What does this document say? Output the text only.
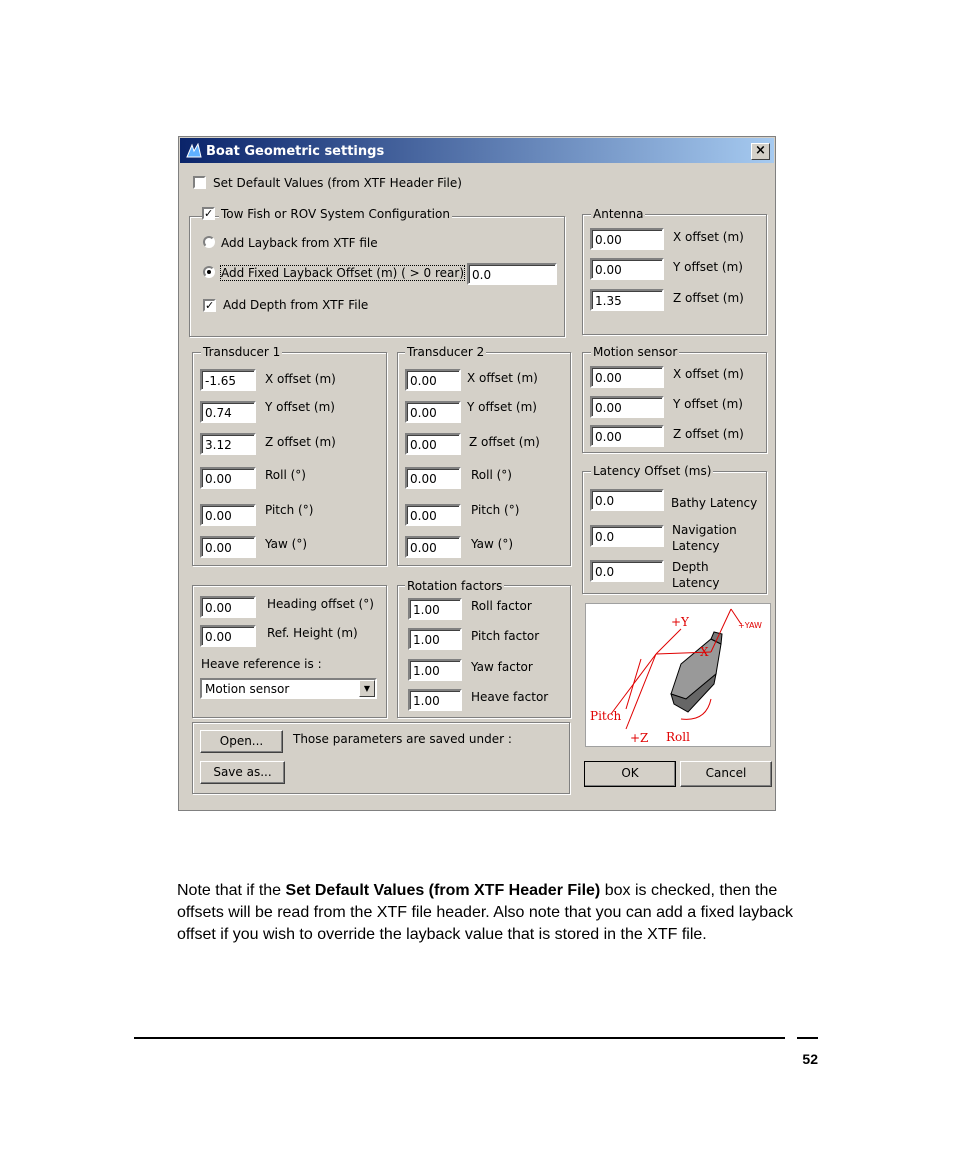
Boat Geometric settings	×
Set Default Values (from XTF Header File)
✓ Tow Fish or ROV System Configuration
Add Layback from XTF file
Add Fixed Layback Offset (m) ( > 0 rear) 0.0
✓ Add Depth from XTF File
Antenna
0.00	X offset (m)
0.00	Y offset (m)
1.35	Z offset (m)
Transducer 1
-1.65	X offset (m)
0.74	Y offset (m)
3.12	Z offset (m)
0.00	Roll (°)
0.00	Pitch (°)
0.00	Yaw (°)
Transducer 2
0.00	X offset (m)
0.00	Y offset (m)
0.00	Z offset (m)
0.00	Roll (°)
0.00	Pitch (°)
0.00	Yaw (°)
Motion sensor
0.00	X offset (m)
0.00	Y offset (m)
0.00	Z offset (m)
Latency Offset (ms)
0.0	Bathy Latency
0.0	Navigation
Latency
0.0	Depth
Latency
0.00	Heading offset (°)
0.00	Ref. Height (m)
Heave reference is :
Motion sensor	▼
Rotation factors
1.00	Roll factor
1.00	Pitch factor
1.00	Yaw factor
1.00	Heave factor
Open...	Those parameters are saved under :
Save as...
+Y	+YAW
X
Pitch
+Z Roll
OK	Cancel
Note that if the Set Default Values (from XTF Header File) box is checked, then the offsets will be read from the XTF file header. Also note that you can add a fixed layback offset if you wish to override the layback value that is stored in the XTF file.
52
